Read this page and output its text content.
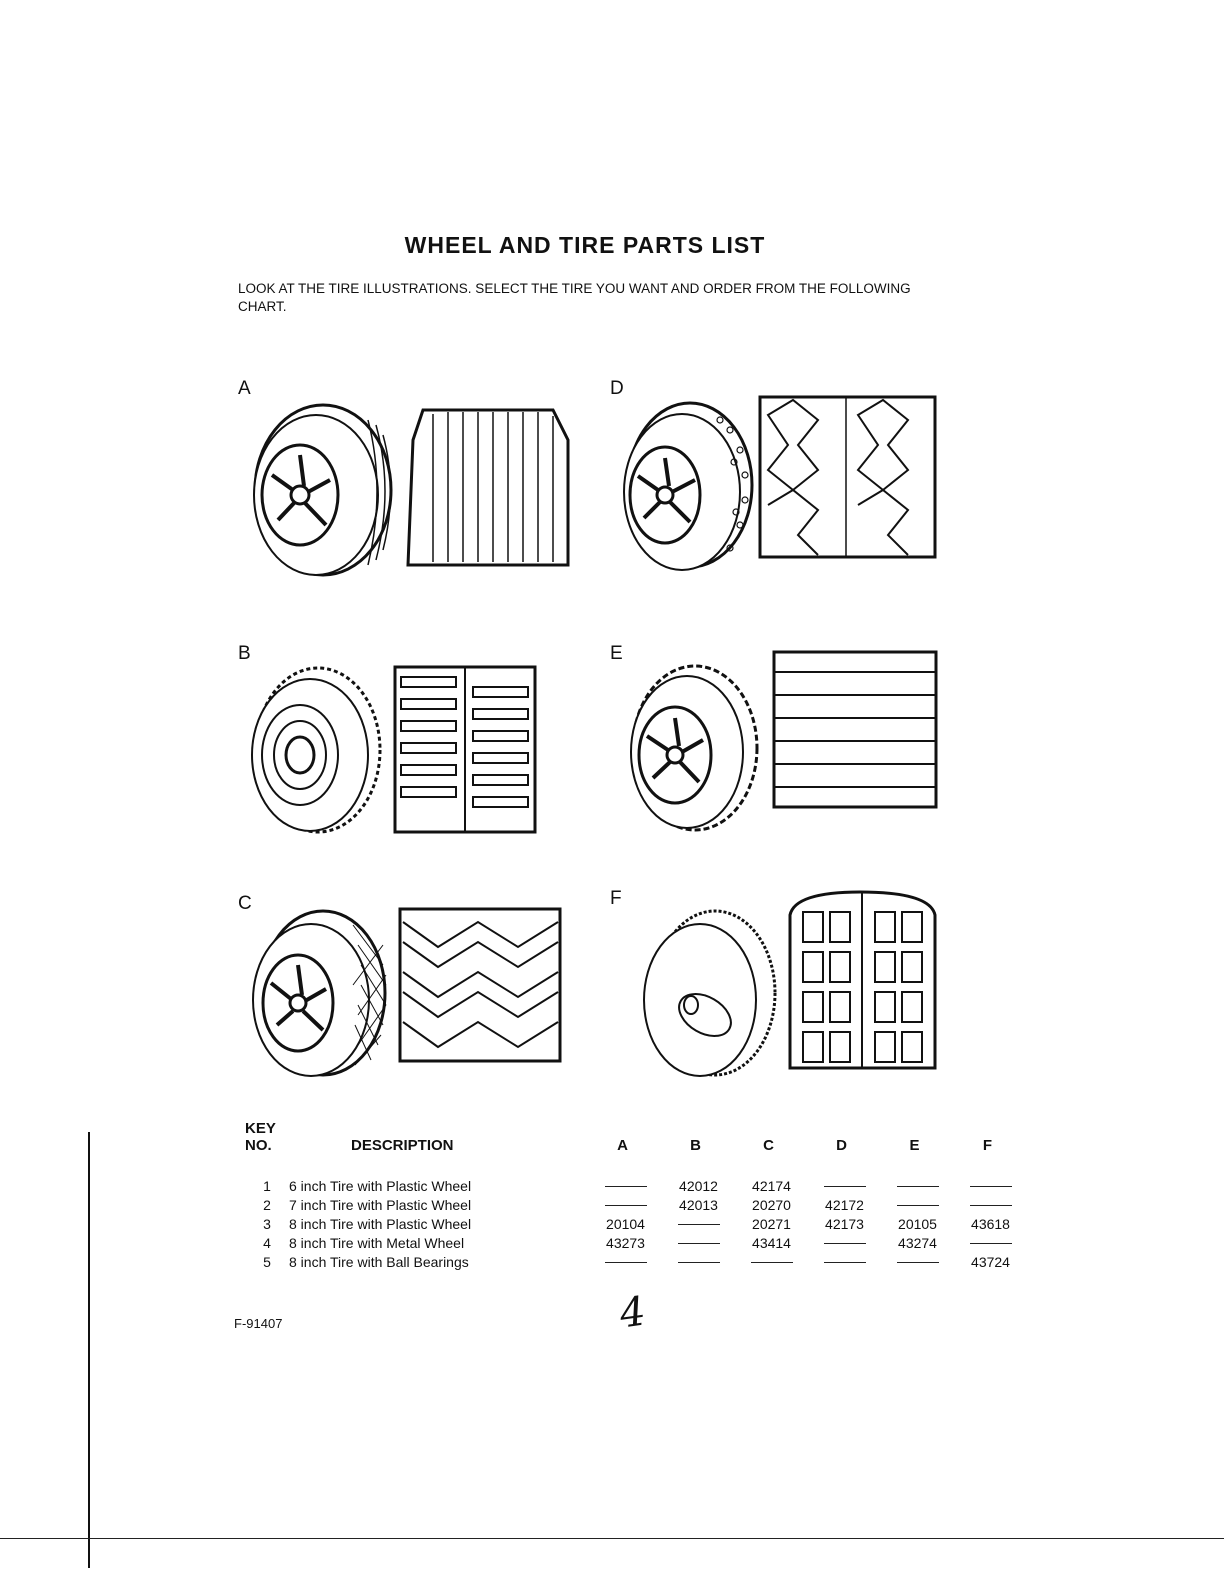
WHEEL AND TIRE PARTS LIST
LOOK AT THE TIRE ILLUSTRATIONS. SELECT THE TIRE YOU WANT AND ORDER FROM THE FOLLOWING CHART.
A	D
B	E
C	F
KEY
NO.	DESCRIPTION	A	B	C	D	E	F

1	6 inch Tire with Plastic Wheel		42012	42174			
2	7 inch Tire with Plastic Wheel		42013	20270	42172		
3	8 inch Tire with Plastic Wheel	20104		20271	42173	20105	43618
4	8 inch Tire with Metal Wheel	43273		43414		43274	
5	8 inch Tire with Ball Bearings						43724
F-91407	4
